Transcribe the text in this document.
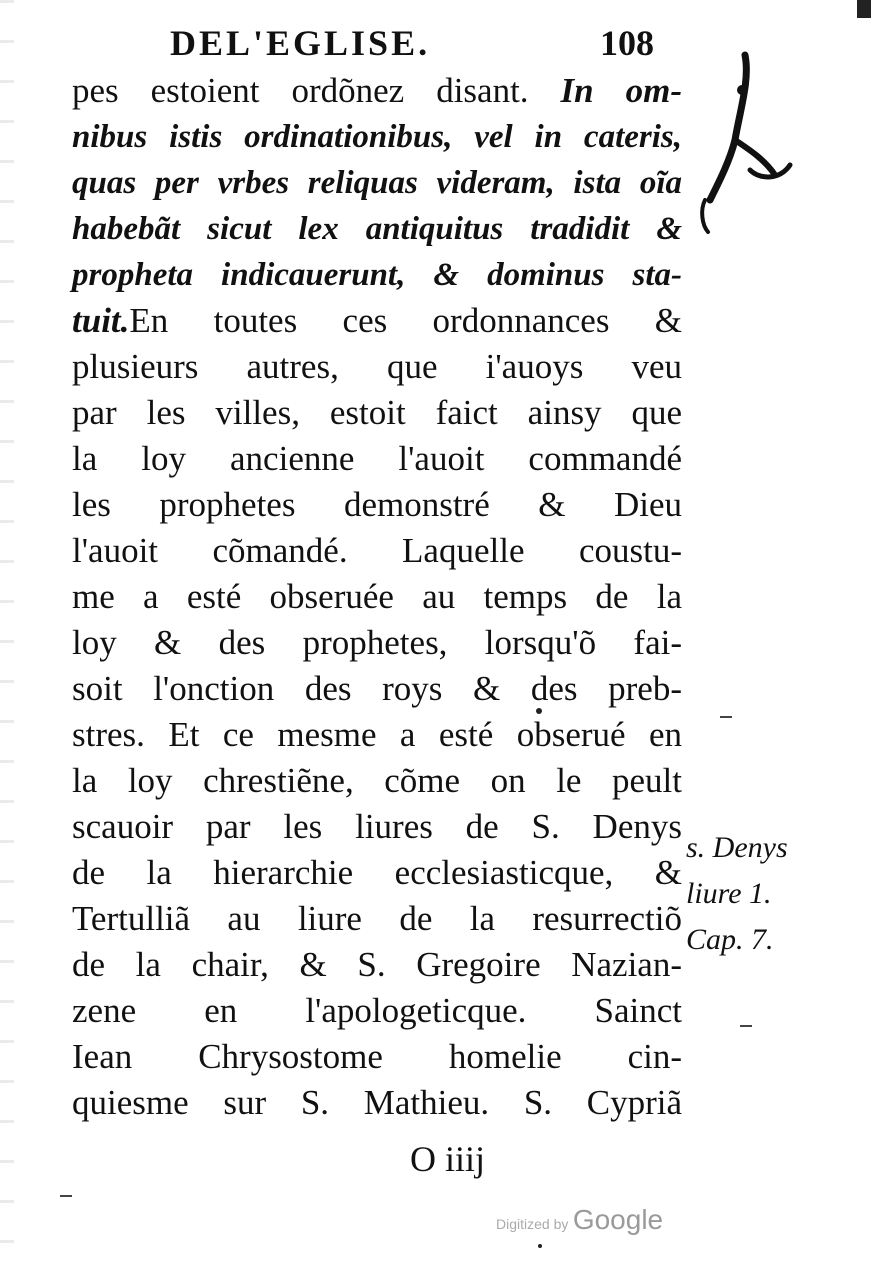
DEL'EGLISE.	108
pes estoient ordõnez disant. In om-
nibus istis ordinationibus, vel in cateris,
quas per vrbes reliquas videram, ista oĩa
habebãt sicut lex antiquitus tradidit &
propheta indicauerunt, & dominus sta-
tuit.En toutes ces ordonnances &
plusieurs autres, que i'auoys veu
par les villes, estoit faict ainsy que
la loy ancienne l'auoit commandé
les prophetes demonstré & Dieu
l'auoit cõmandé. Laquelle coustu-
me a esté obseruée au temps de la
loy & des prophetes, lorsqu'õ fai-
soit l'onction des roys & des preb-
stres. Et ce mesme a esté obserué en
la loy chrestiẽne, cõme on le peult
scauoir par les liures de S. Denys
de la hierarchie ecclesiasticque, &
Tertulliã au liure de la resurrectiõ
de la chair, & S. Gregoire Nazian-
zene en l'apologeticque. Sainct
Iean Chrysostome homelie cin-
quiesme sur S. Mathieu. S. Cypriã
s. Denys
liure 1.
Cap. 7.
O iiij
Digitized by Google
